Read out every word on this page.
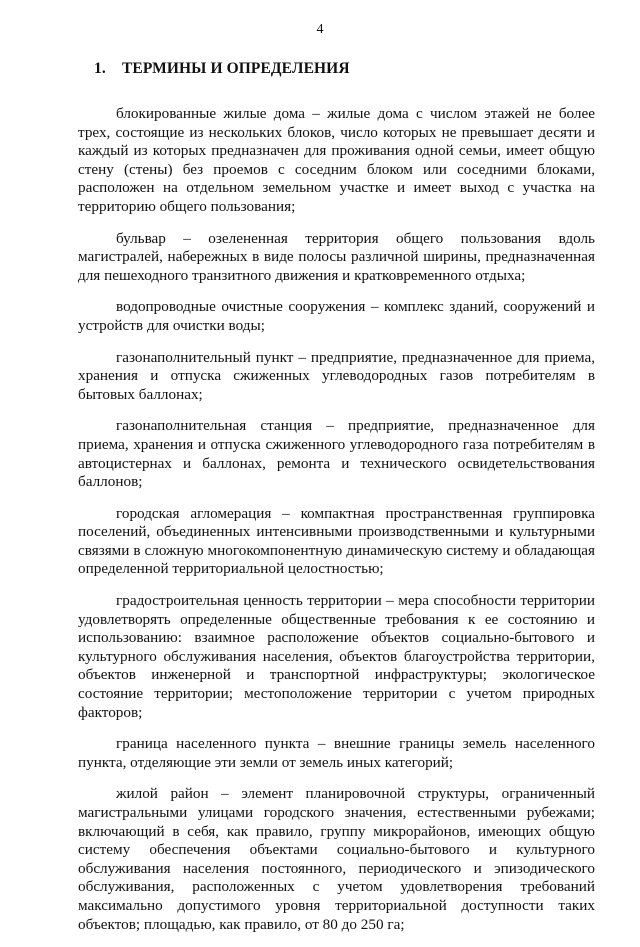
4
1. ТЕРМИНЫ И ОПРЕДЕЛЕНИЯ

блокированные жилые дома – жилые дома с числом этажей не более трех, состоящие из нескольких блоков, число которых не превышает десяти и каждый из которых предназначен для проживания одной семьи, имеет общую стену (стены) без проемов с соседним блоком или соседними блоками, расположен на отдельном земельном участке и имеет выход с участка на территорию общего пользования;

бульвар – озелененная территория общего пользования вдоль магистралей, набережных в виде полосы различной ширины, предназначенная для пешеходного транзитного движения и кратковременного отдыха;

водопроводные очистные сооружения – комплекс зданий, сооружений и устройств для очистки воды;

газонаполнительный пункт – предприятие, предназначенное для приема, хранения и отпуска сжиженных углеводородных газов потребителям в бытовых баллонах;

газонаполнительная станция – предприятие, предназначенное для приема, хранения и отпуска сжиженного углеводородного газа потребителям в автоцистернах и баллонах, ремонта и технического освидетельствования баллонов;

городская агломерация – компактная пространственная группировка поселений, объединенных интенсивными производственными и культурными связями в сложную многокомпонентную динамическую систему и обладающая определенной территориальной целостностью;

градостроительная ценность территории – мера способности территории удовлетворять определенные общественные требования к ее состоянию и использованию: взаимное расположение объектов социально-бытового и культурного обслуживания населения, объектов благоустройства территории, объектов инженерной и транспортной инфраструктуры; экологическое состояние территории; местоположение территории с учетом природных факторов;

граница населенного пункта – внешние границы земель населенного пункта, отделяющие эти земли от земель иных категорий;

жилой район – элемент планировочной структуры, ограниченный магистральными улицами городского значения, естественными рубежами; включающий в себя, как правило, группу микрорайонов, имеющих общую систему обеспечения объектами социально-бытового и культурного обслуживания населения постоянного, периодического и эпизодического обслуживания, расположенных с учетом удовлетворения требований максимально допустимого уровня территориальной доступности таких объектов; площадью, как правило, от 80 до 250 га;
